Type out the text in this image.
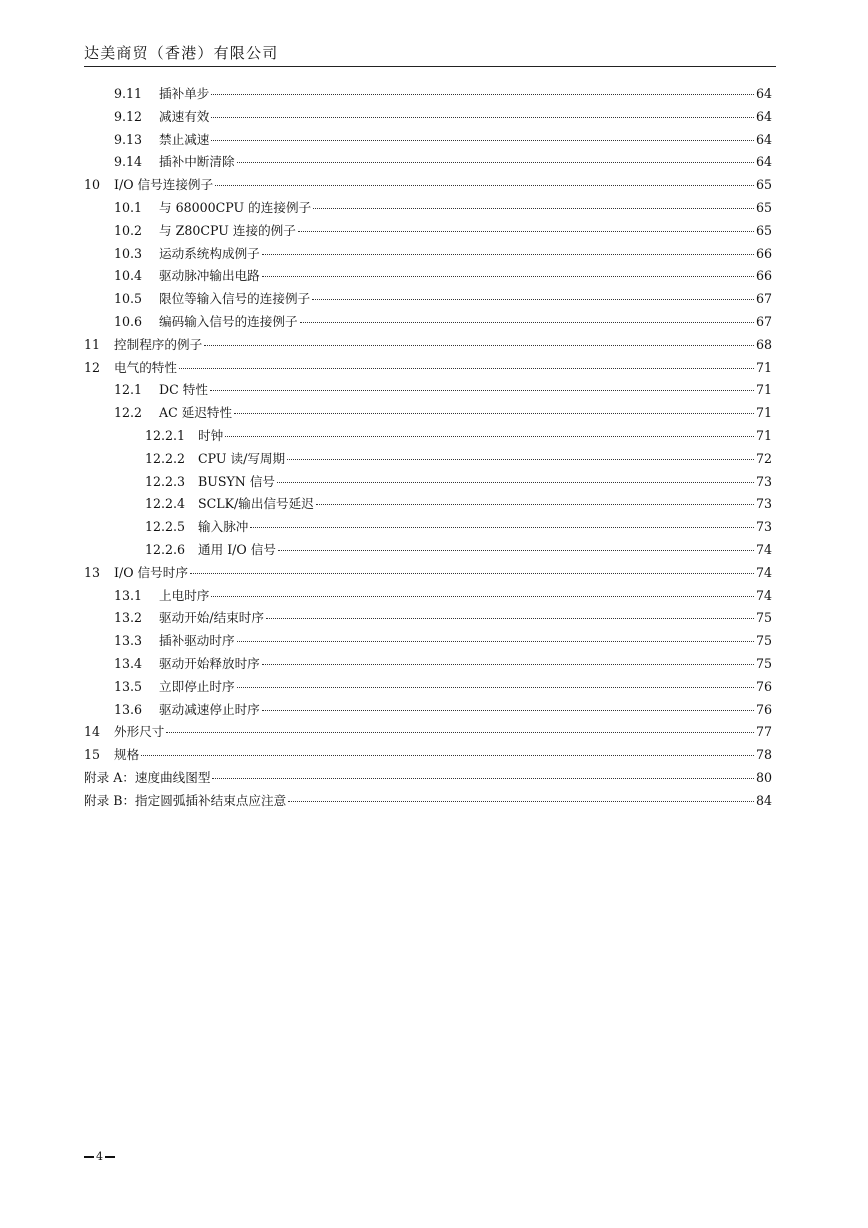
达美商贸（香港）有限公司
9.11	插补单步	64
9.12	减速有效	64
9.13	禁止减速	64
9.14	插补中断清除	64
10	I/O 信号连接例子	65
10.1	与 68000CPU 的连接例子	65
10.2	与 Z80CPU 连接的例子	65
10.3	运动系统构成例子	66
10.4	驱动脉冲输出电路	66
10.5	限位等输入信号的连接例子	67
10.6	编码输入信号的连接例子	67
11	控制程序的例子	68
12	电气的特性	71
12.1	DC 特性	71
12.2	AC 延迟特性	71
12.2.1	时钟	71
12.2.2	CPU 读/写周期	72
12.2.3	BUSYN 信号	73
12.2.4	SCLK/输出信号延迟	73
12.2.5	输入脉冲	73
12.2.6	通用 I/O 信号	74
13	I/O 信号时序	74
13.1	上电时序	74
13.2	驱动开始/结束时序	75
13.3	插补驱动时序	75
13.4	驱动开始释放时序	75
13.5	立即停止时序	76
13.6	驱动减速停止时序	76
14	外形尺寸	77
15	规格	78
附录 A：速度曲线图型	80
附录 B：指定圆弧插补结束点应注意	84
4
